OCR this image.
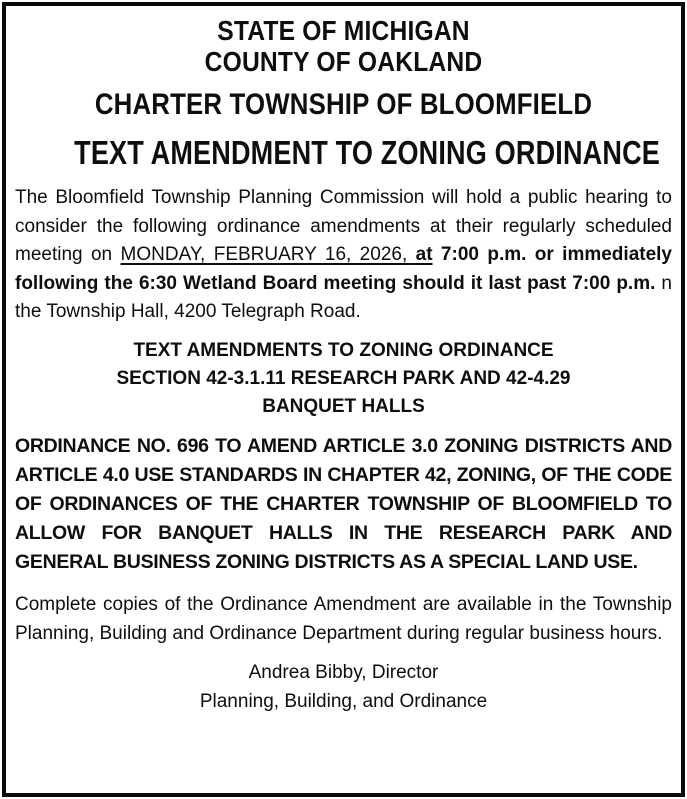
STATE OF MICHIGAN
COUNTY OF OAKLAND
CHARTER TOWNSHIP OF BLOOMFIELD
TEXT AMENDMENT TO ZONING ORDINANCE

The Bloomfield Township Planning Commission will hold a public hearing to consider the following ordinance amendments at their regularly scheduled meeting on MONDAY, FEBRUARY 16, 2026, at 7:00 p.m. or immediately following the 6:30 Wetland Board meeting should it last past 7:00 p.m. n the Township Hall, 4200 Telegraph Road.

TEXT AMENDMENTS TO ZONING ORDINANCE
SECTION 42-3.1.11 RESEARCH PARK AND 42-4.29
BANQUET HALLS

ORDINANCE NO. 696 TO AMEND ARTICLE 3.0 ZONING DISTRICTS AND ARTICLE 4.0 USE STANDARDS IN CHAPTER 42, ZONING, OF THE CODE OF ORDINANCES OF THE CHARTER TOWNSHIP OF BLOOMFIELD TO ALLOW FOR BANQUET HALLS IN THE RESEARCH PARK AND GENERAL BUSINESS ZONING DISTRICTS AS A SPECIAL LAND USE.

Complete copies of the Ordinance Amendment are available in the Township Planning, Building and Ordinance Department during regular business hours.

Andrea Bibby, Director
Planning, Building, and Ordinance
